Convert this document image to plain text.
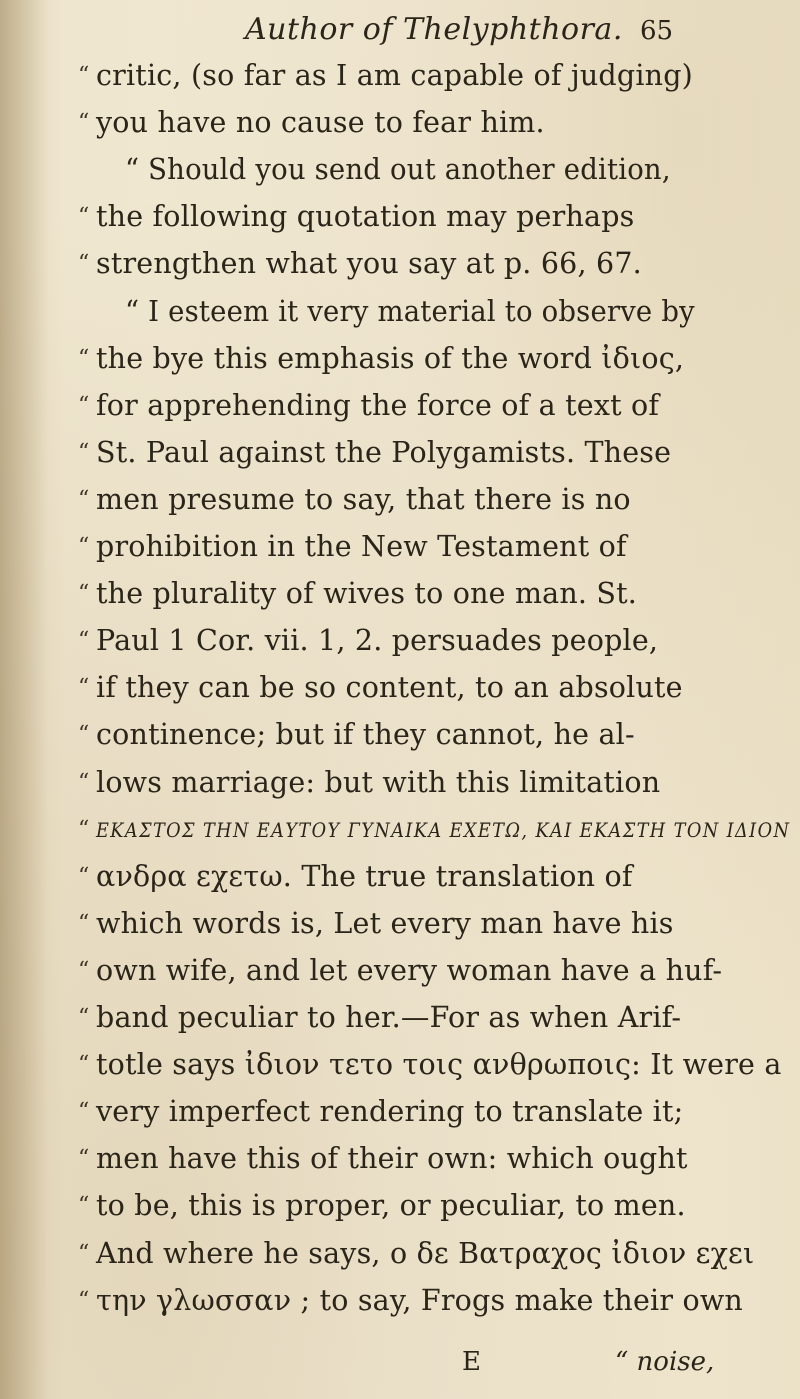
Author of Thelyphthora. 65
“ critic, (so far as I am capable of judging)
“ you have no cause to fear him.
“ Should you send out another edition,
“ the following quotation may perhaps
“ strengthen what you say at p. 66, 67.
“ I esteem it very material to observe by
“ the bye this emphasis of the word ἰδιος,
“ for apprehending the force of a text of
“ St. Paul against the Polygamists. These
“ men presume to say, that there is no
“ prohibition in the New Testament of
“ the plurality of wives to one man. St.
“ Paul 1 Cor. vii. 1, 2. persuades people,
“ if they can be so content, to an absolute
“ continence; but if they cannot, he al-
“ lows marriage: but with this limitation
“ ΕΚΑΣΤΟΣ ΤΗΝ ΕΑΥΤΟΥ ΓΥΝΑΙΚΑ ΕΧΕΤΩ, ΚΑΙ ΕΚΑΣΤΗ ΤΟΝ ΙΔΙΟΝ
“ ανδρα εχετω. The true translation of
“ which words is, Let every man have his
“ own wife, and let every woman have a huf-
“ band peculiar to her.—For as when Arif-
“ totle says ἰδιον τετο τοις ανθρωποις: It were a
“ very imperfect rendering to translate it;
“ men have this of their own: which ought
“ to be, this is proper, or peculiar, to men.
“ And where he says, ο δε Βατραχος ἰδιον εχει
“ την γλωσσαν ; to say, Frogs make their own
E	“ noise,
